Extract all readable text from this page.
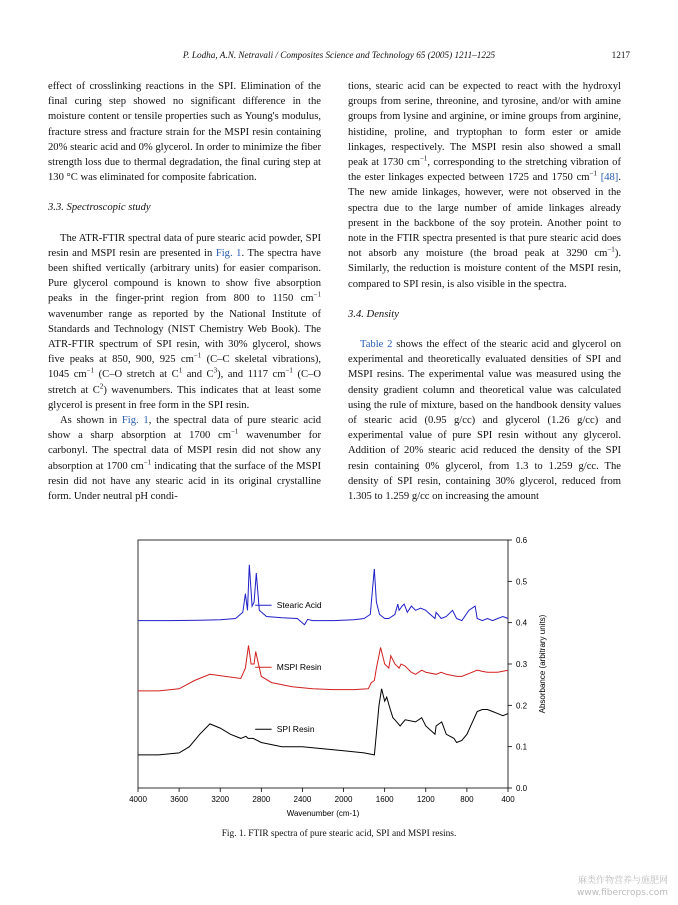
P. Lodha, A.N. Netravali / Composites Science and Technology 65 (2005) 1211–1225	1217

effect of crosslinking reactions in the SPI. Elimination of the final curing step showed no significant difference in the moisture content or tensile properties such as Young's modulus, fracture stress and fracture strain for the MSPI resin containing 20% stearic acid and 0% glycerol. In order to minimize the fiber strength loss due to thermal degradation, the final curing step at 130 °C was eliminated for composite fabrication.

3.3. Spectroscopic study

The ATR-FTIR spectral data of pure stearic acid powder, SPI resin and MSPI resin are presented in Fig. 1. The spectra have been shifted vertically (arbitrary units) for easier comparison. Pure glycerol compound is known to show five absorption peaks in the finger-print region from 800 to 1150 $cm^{-1}$ wavenumber range as reported by the National Institute of Standards and Technology (NIST Chemistry Web Book). The ATR-FTIR spectrum of SPI resin, with 30% glycerol, shows five peaks at 850, 900, 925 $cm^{-1}$ (C–C skeletal vibrations), 1045 $cm^{-1}$ (C–O stretch at $C^1$ and $C^3$), and 1117 $cm^{-1}$ (C–O stretch at $C^2$) wavenumbers. This indicates that at least some glycerol is present in free form in the SPI resin.

As shown in Fig. 1, the spectral data of pure stearic acid show a sharp absorption at 1700 $cm^{-1}$ wavenumber for carbonyl. The spectral data of MSPI resin did not show any absorption at 1700 $cm^{-1}$ indicating that the surface of the MSPI resin did not have any stearic acid in its original crystalline form. Under neutral pH condi-

tions, stearic acid can be expected to react with the hydroxyl groups from serine, threonine, and tyrosine, and/or with amine groups from lysine and arginine, or imine groups from arginine, histidine, proline, and tryptophan to form ester or amide linkages, respectively. The MSPI resin also showed a small peak at 1730 $cm^{-1}$, corresponding to the stretching vibration of the ester linkages expected between 1725 and 1750 $cm^{-1}$ [48]. The new amide linkages, however, were not observed in the spectra due to the large number of amide linkages already present in the backbone of the soy protein. Another point to note in the FTIR spectra presented is that pure stearic acid does not absorb any moisture (the broad peak at 3290 $cm^{-1}$). Similarly, the reduction is moisture content of the MSPI resin, compared to SPI resin, is also visible in the spectra.

3.4. Density

Table 2 shows the effect of the stearic acid and glycerol on experimental and theoretically evaluated densities of SPI and MSPI resins. The experimental value was measured using the density gradient column and theoretical value was calculated using the rule of mixture, based on the handbook density values of stearic acid (0.95 g/cc) and glycerol (1.26 g/cc) and experimental value of pure SPI resin without any glycerol. Addition of 20% stearic acid reduced the density of the SPI resin containing 0% glycerol, from 1.3 to 1.259 g/cc. The density of SPI resin, containing 30% glycerol, reduced from 1.305 to 1.259 g/cc on increasing the amount

4000	3600	3200	2800	2400	2000	1600	1200	800	400
0.0
0.1
0.2
0.3
0.4
0.5
0.6
Wavenumber (cm-1)
Absorbance (arbitrary units)
Stearic Acid
MSPI Resin
SPI Resin
Fig. 1. FTIR spectra of pure stearic acid, SPI and MSPI resins.
麻类作物营养与施肥网
www.fibercrops.com
